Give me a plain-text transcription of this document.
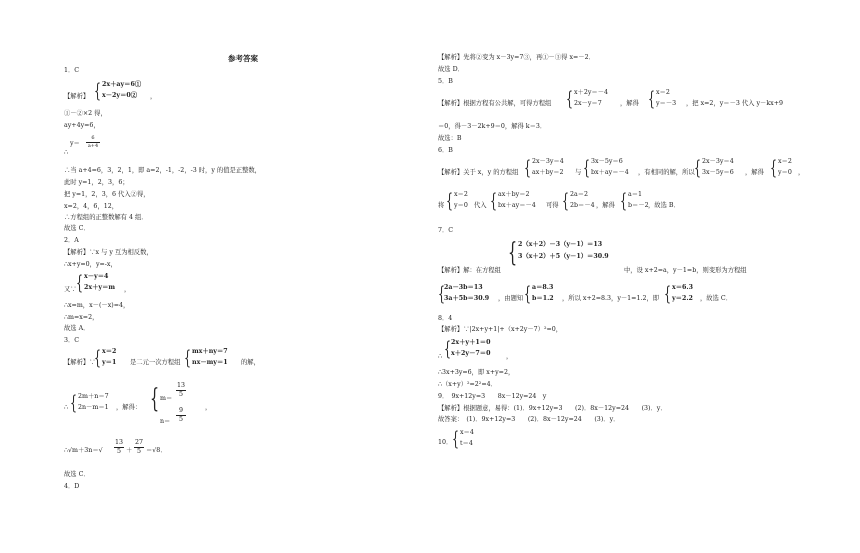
参考答案
1．C
【解析】 { 2x＋ay＝6①
x－2y＝0② ，
①－②×2 得，
ay+4y=6，
∴
y＝
6
a+4
∴当 a+4=6，3，2，1，即 a=2，-1，-2，-3 时，y 的值是正整数，
此时 y=1，2，3，6；
把 y=1，2，3，6 代入②得，
x=2，4，6，12，
∴方程组的正整数解有 4 组．
故选 C．
2．A
【解析】∵x 与 y 互为相反数，
∴x+y=0，y=-x，
又∵ { x－y＝4
2x＋y＝m ，
∴x=m，x－(－x)=4，
∴m=x=2，
故选 A．
3．C
【解析】∵
{ x＝2
y＝1 是二元一次方程组 { mx＋ny＝7
nx－my＝1 的解，
∴ { 2m＋n＝7
2n－m＝1 ，解得： { m＝
13
5
n＝
9
5
，
∴√m＋3n＝√
13
5 ＋
27
5 ＝√8．
故选 C．
4．D
【解析】先将②变为 x－3y=7③，再①－③得 x=－2．
故选 D．
5．B
【解析】根据方程有公共解，可得方程组 { x＋2y＝－4
2x－y＝7	，解得 { x＝2
y＝－3 ，把 x=2，y＝－3 代入 y－kx+9
＝0，得－3－2k+9＝0，解得 k＝3．
故选：B
6．B
【解析】关于 x，y 的方程组 { 2x－3y＝4
ax＋by＝2 与 { 3x－5y＝6
bx＋ay＝－4 ，有相同的解，所以 { 2x－3y＝4
3x－5y＝6 ，解得 { x＝2
y＝0 ，
将 { x＝2
y＝0 代入 { ax＋by＝2
bx＋ay＝－4 可得 { 2a＝2
2b＝－4 ，解得 { a＝1
b＝－2 ，故选 B．
7．C
{ 2（x＋2）－3（y－1）＝13
3（x＋2）＋5（y－1）＝30.9
【解析】解：在方程组	中，设 x+2=a，y－1=b，则变形为方程组
{
2a－3b＝13
3a＋5b＝30.9 ，由题知 { a＝8.3
b＝1.2 ，所以 x+2=8.3，y－1=1.2，即 { x＝6.3
y＝2.2 ，故选 C．
8．4
【解析】∵|2x+y+1|+（x+2y－7）²=0，
∴ { 2x＋y＋1＝0
x＋2y－7＝0 ，
∴3x+3y=6，即 x+y=2，
∴（x+y）²=2²=4．
9．　9x+12y=3　　8x－12y=24　y
【解析】根据题意，易得：(1)．9x+12y=3　　(2)．8x－12y=24　　(3)．y．
故答案：　(1)．9x+12y=3　　(2)．8x－12y=24　　(3)．y．
10． { x＝4
t＝4
